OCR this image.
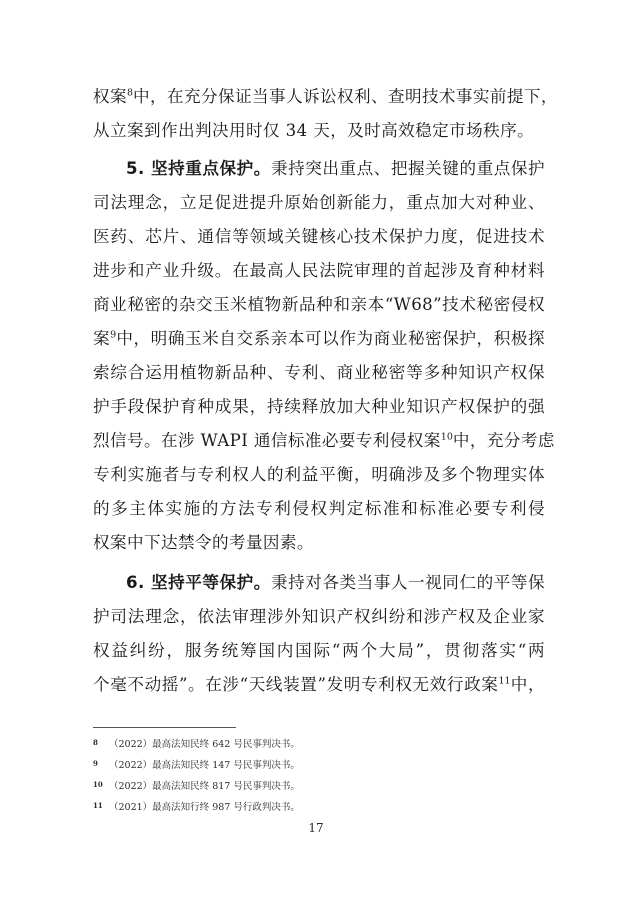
权案$^8$中，在充分保证当事人诉讼权利、查明技术事实前提下，
从立案到作出判决用时仅 34 天，及时高效稳定市场秩序。
5. 坚持重点保护。秉持突出重点、把握关键的重点保护
司法理念，立足促进提升原始创新能力，重点加大对种业、
医药、芯片、通信等领域关键核心技术保护力度，促进技术
进步和产业升级。在最高人民法院审理的首起涉及育种材料
商业秘密的杂交玉米植物新品种和亲本“W68”技术秘密侵权
案$^9$中，明确玉米自交系亲本可以作为商业秘密保护，积极探
索综合运用植物新品种、专利、商业秘密等多种知识产权保
护手段保护育种成果，持续释放加大种业知识产权保护的强
烈信号。在涉 WAPI 通信标准必要专利侵权案$^{10}$中，充分考虑
专利实施者与专利权人的利益平衡，明确涉及多个物理实体
的多主体实施的方法专利侵权判定标准和标准必要专利侵
权案中下达禁令的考量因素。
6. 坚持平等保护。秉持对各类当事人一视同仁的平等保
护司法理念，依法审理涉外知识产权纠纷和涉产权及企业家
权益纠纷，服务统筹国内国际“两个大局”，贯彻落实“两
个毫不动摇”。在涉“天线装置”发明专利权无效行政案$^{11}$中，
8 （2022）最高法知民终 642 号民事判决书。
9 （2022）最高法知民终 147 号民事判决书。
10 （2022）最高法知民终 817 号民事判决书。
11 （2021）最高法知行终 987 号行政判决书。
17
